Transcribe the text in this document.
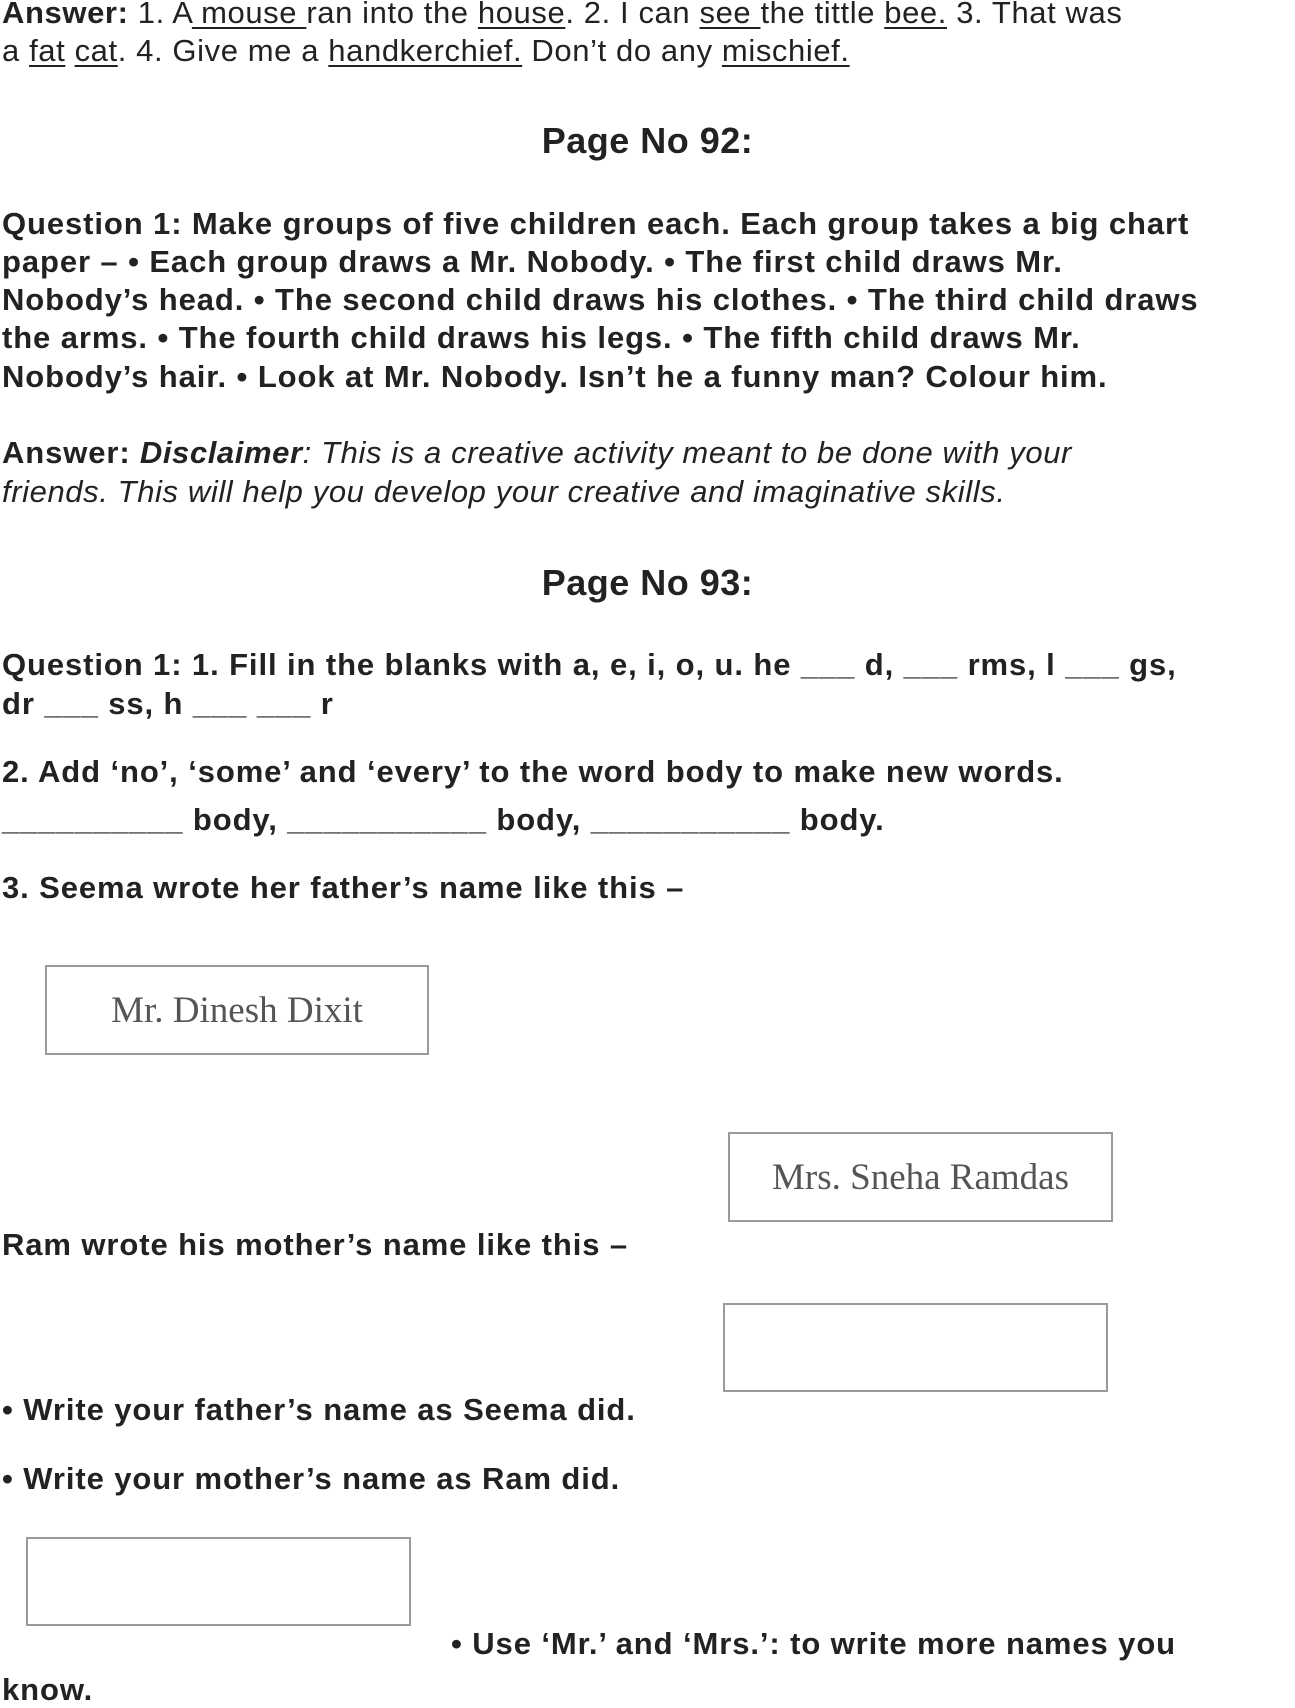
Answer: 1. A mouse ran into the house. 2. I can see the tittle bee. 3. That was
a fat cat. 4. Give me a handkerchief. Don’t do any mischief.
Page No 92:
Question 1: Make groups of five children each. Each group takes a big chart
paper – • Each group draws a Mr. Nobody. • The first child draws Mr.
Nobody’s head. • The second child draws his clothes. • The third child draws
the arms. • The fourth child draws his legs. • The fifth child draws Mr.
Nobody’s hair. • Look at Mr. Nobody. Isn’t he a funny man? Colour him.
Answer: Disclaimer: This is a creative activity meant to be done with your
friends. This will help you develop your creative and imaginative skills.
Page No 93:
Question 1: 1. Fill in the blanks with a, e, i, o, u. he ___ d, ___ rms, l ___ gs,
dr ___ ss, h ___ ___ r
2. Add ‘no’, ‘some’ and ‘every’ to the word body to make new words.
__________ body, ___________ body, ___________ body.
3. Seema wrote her father’s name like this –
Mr. Dinesh Dixit
Mrs. Sneha Ramdas
Ram wrote his mother’s name like this –
• Write your father’s name as Seema did.
• Write your mother’s name as Ram did.
• Use ‘Mr.’ and ‘Mrs.’: to write more names you
know.
